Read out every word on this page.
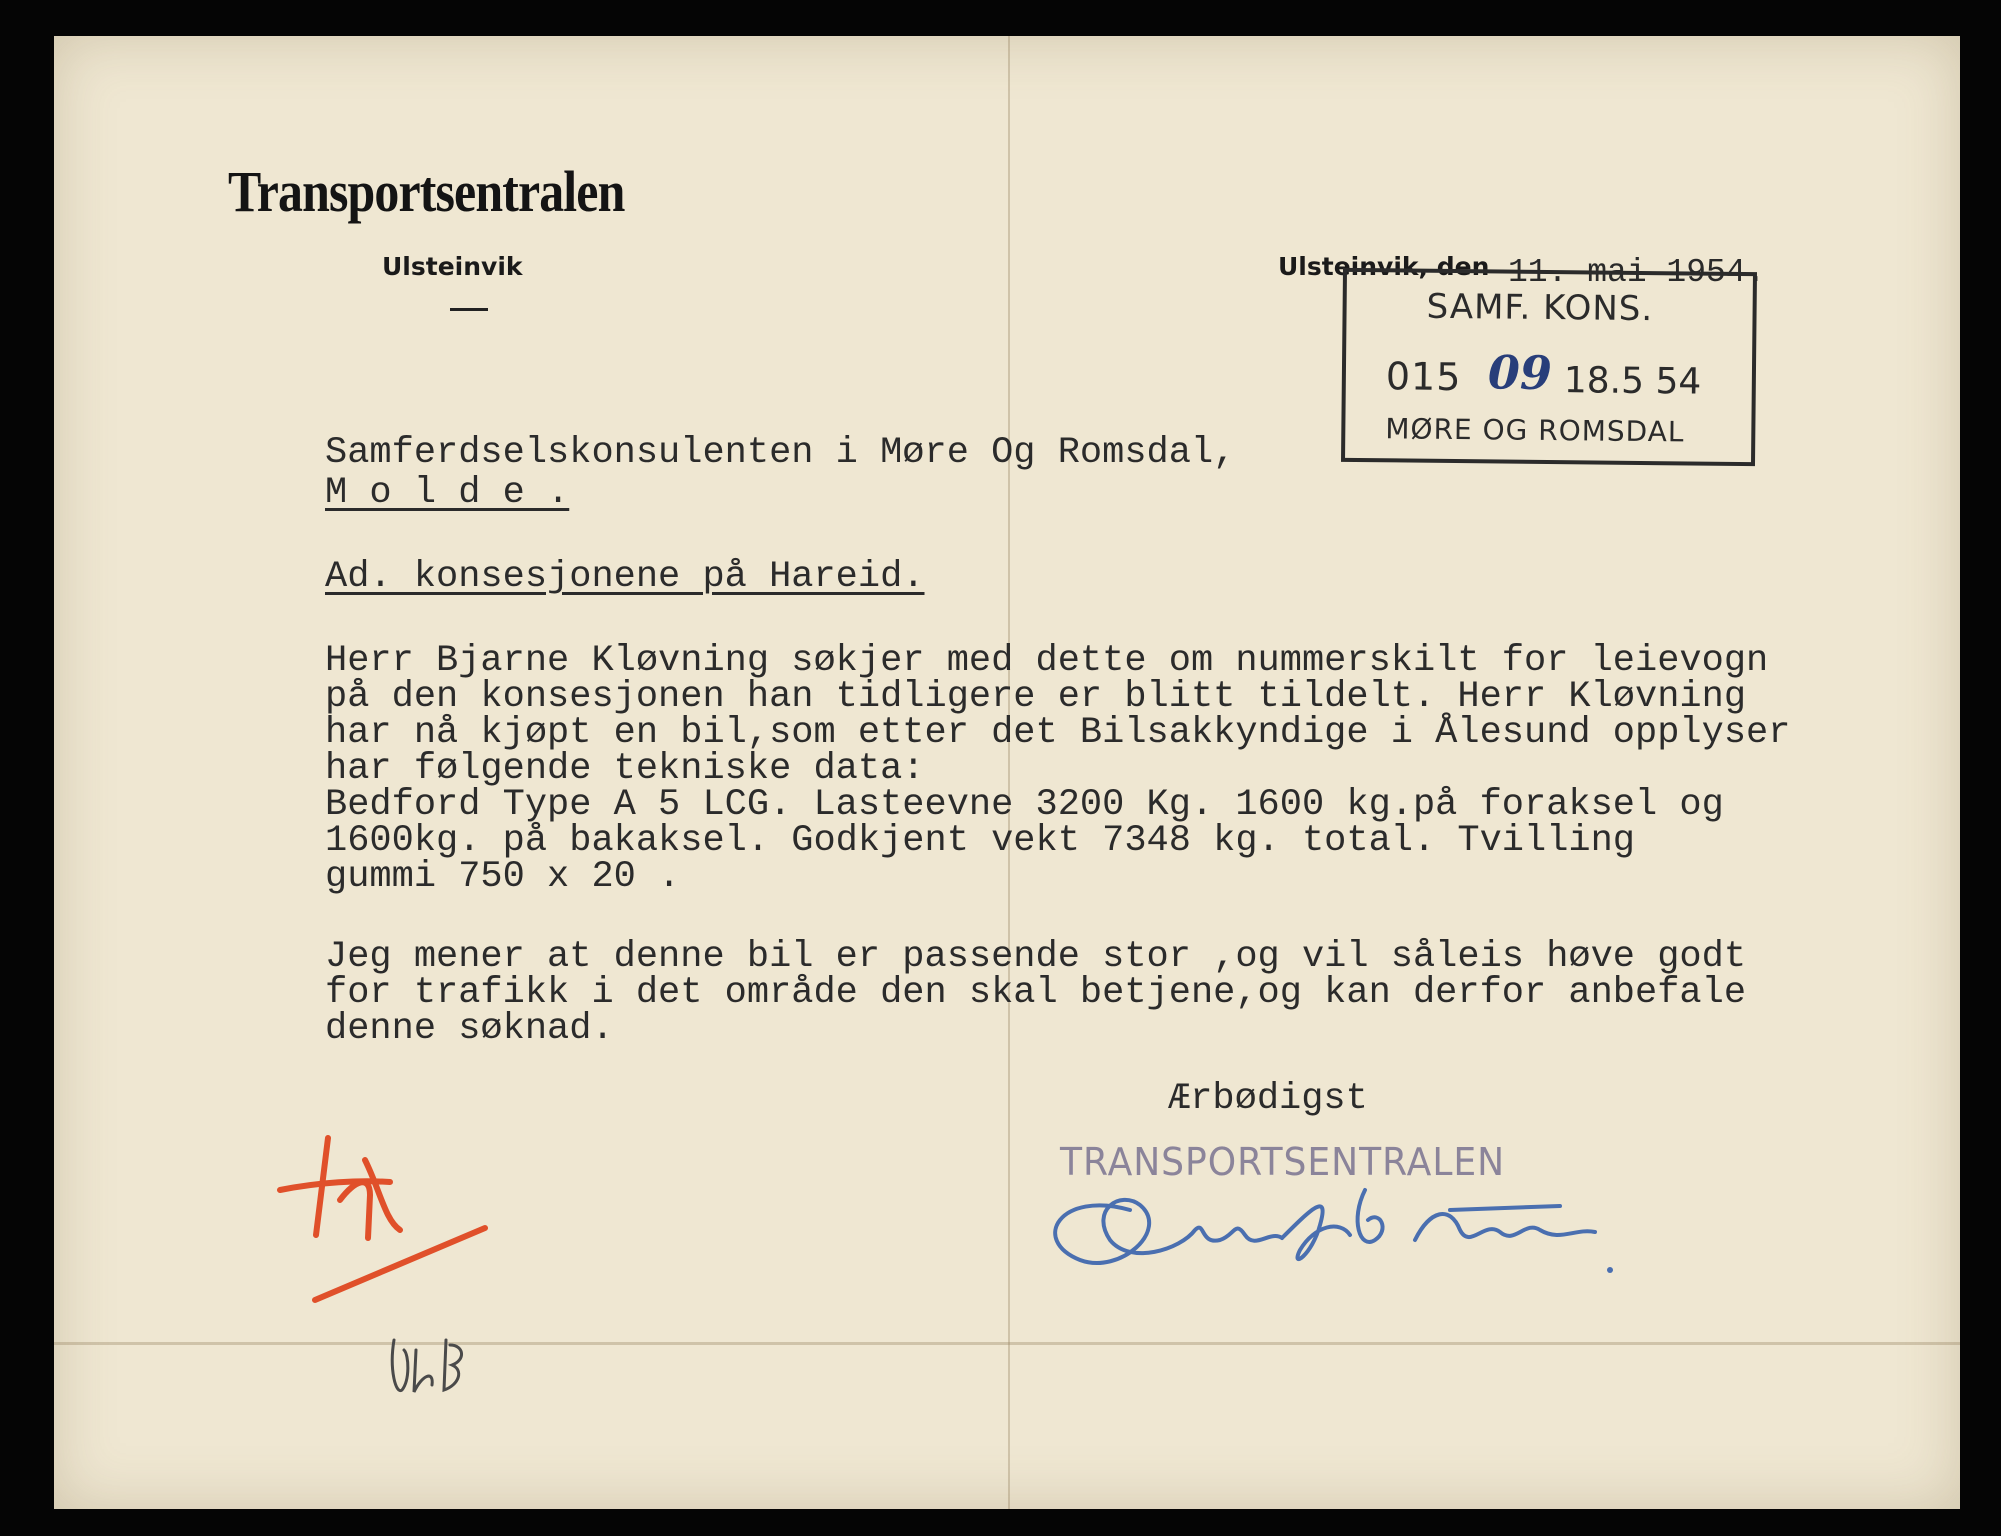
Transportsentralen
Ulsteinvik	Ulsteinvik, den 11. mai 1954.
SAMF. KONS.
015 09 18.5 54
MØRE OG ROMSDAL
Samferdselskonsulenten i Møre Og Romsdal,
M o l d e .
Ad. konsesjonene på Hareid.
Herr Bjarne Kløvning søkjer med dette om nummerskilt for leievogn
på den konsesjonen han tidligere er blitt tildelt. Herr Kløvning
har nå kjøpt en bil,som etter det Bilsakkyndige i Ålesund opplyser
har følgende tekniske data:
Bedford Type A 5 LCG. Lasteevne 3200 Kg. 1600 kg.på foraksel og
1600kg. på bakaksel. Godkjent vekt 7348 kg. total. Tvilling
gummi 750 x 20 .
Jeg mener at denne bil er passende stor ,og vil såleis høve godt
for trafikk i det område den skal betjene,og kan derfor anbefale
denne søknad.
Ærbødigst
TRANSPORTSENTRALEN
